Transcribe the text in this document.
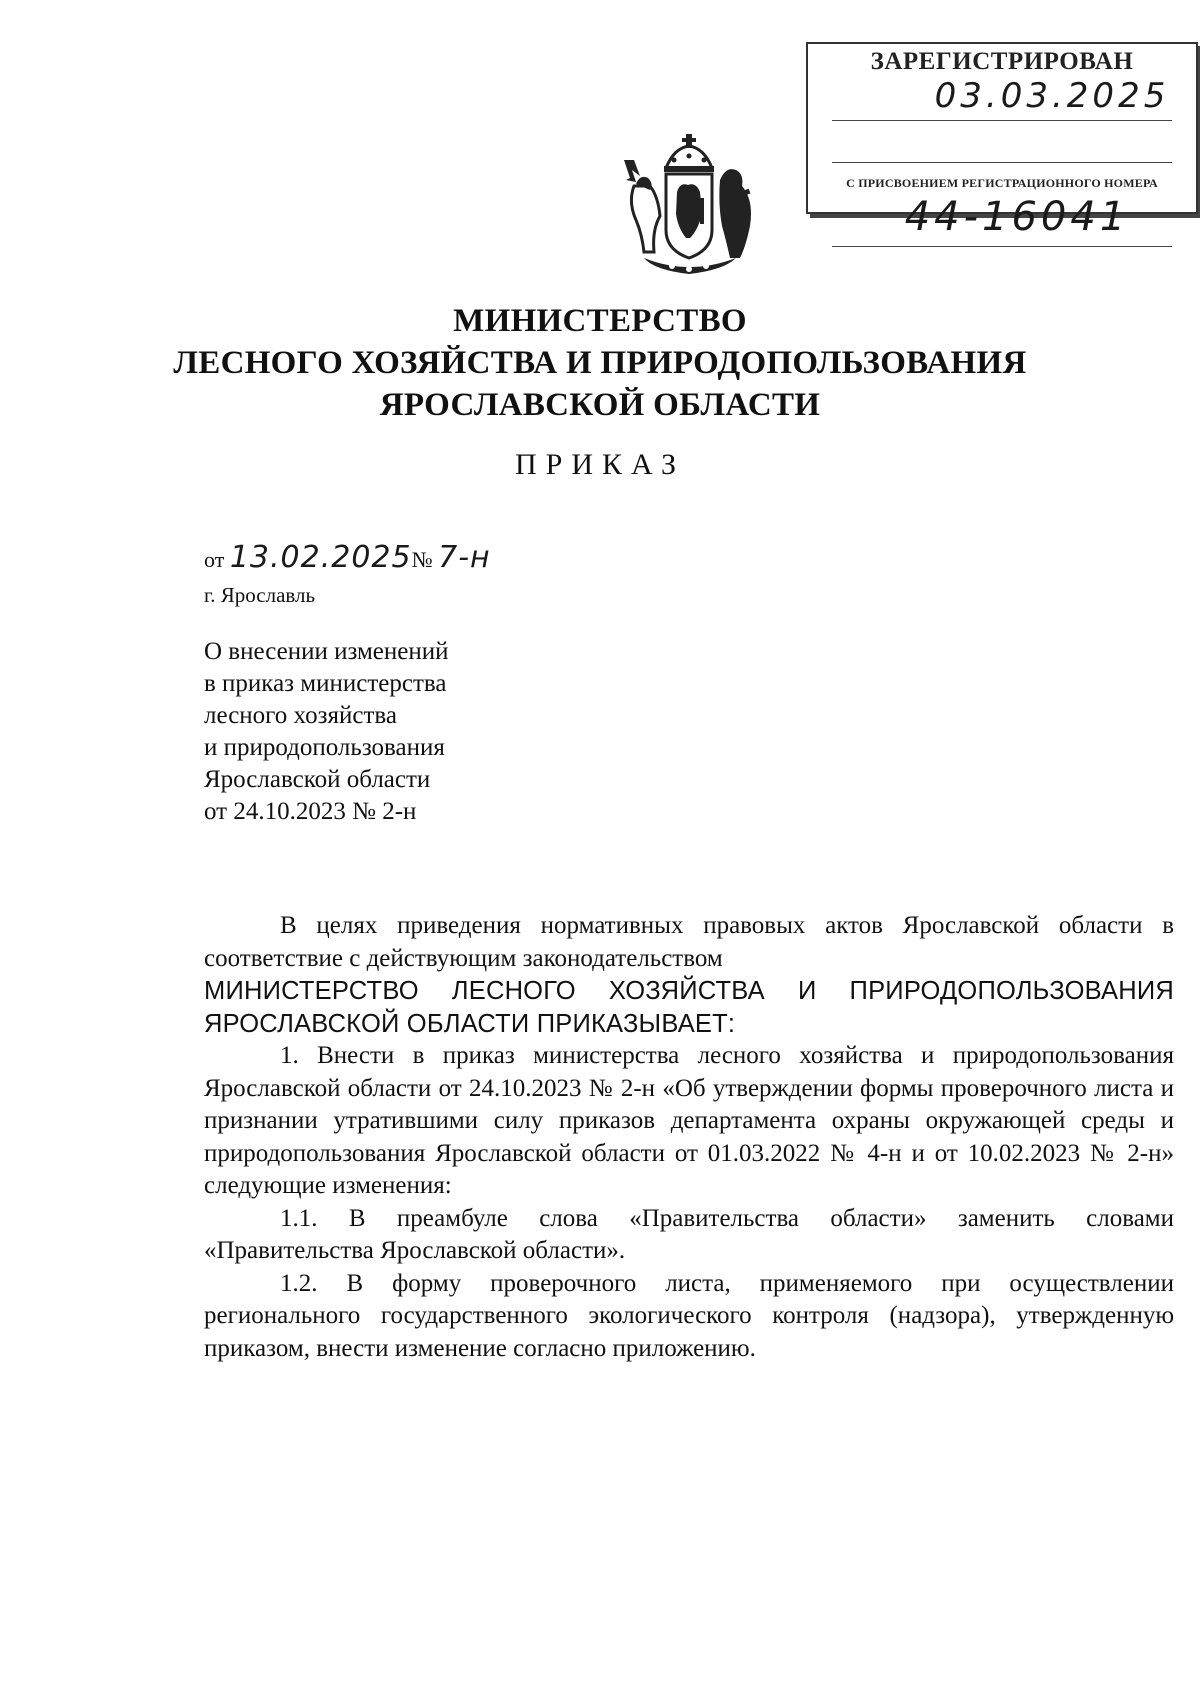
ЗАРЕГИСТРИРОВАН
03.03.2025
С ПРИСВОЕНИЕМ РЕГИСТРАЦИОННОГО НОМЕРА
44-16041
МИНИСТЕРСТВО
ЛЕСНОГО ХОЗЯЙСТВА И ПРИРОДОПОЛЬЗОВАНИЯ
ЯРОСЛАВСКОЙ ОБЛАСТИ
ПРИКАЗ
от 13.02.2025№ 7-н
г. Ярославль
О внесении изменений
в приказ министерства
лесного хозяйства
и природопользования
Ярославской области
от 24.10.2023 № 2-н

В целях приведения нормативных правовых актов Ярославской области в соответствие с действующим законодательством

МИНИСТЕРСТВО ЛЕСНОГО ХОЗЯЙСТВА И ПРИРОДОПОЛЬЗОВАНИЯ
ЯРОСЛАВСКОЙ ОБЛАСТИ ПРИКАЗЫВАЕТ:

1. Внести в приказ министерства лесного хозяйства и природопользования Ярославской области от 24.10.2023 № 2-н «Об утверждении формы проверочного листа и признании утратившими силу приказов департамента охраны окружающей среды и природопользования Ярославской области от 01.03.2022 № 4-н и от 10.02.2023 № 2-н» следующие изменения:

1.1. В преамбуле слова «Правительства области» заменить словами «Правительства Ярославской области».

1.2. В форму проверочного листа, применяемого при осуществлении регионального государственного экологического контроля (надзора), утвержденную приказом, внести изменение согласно приложению.
